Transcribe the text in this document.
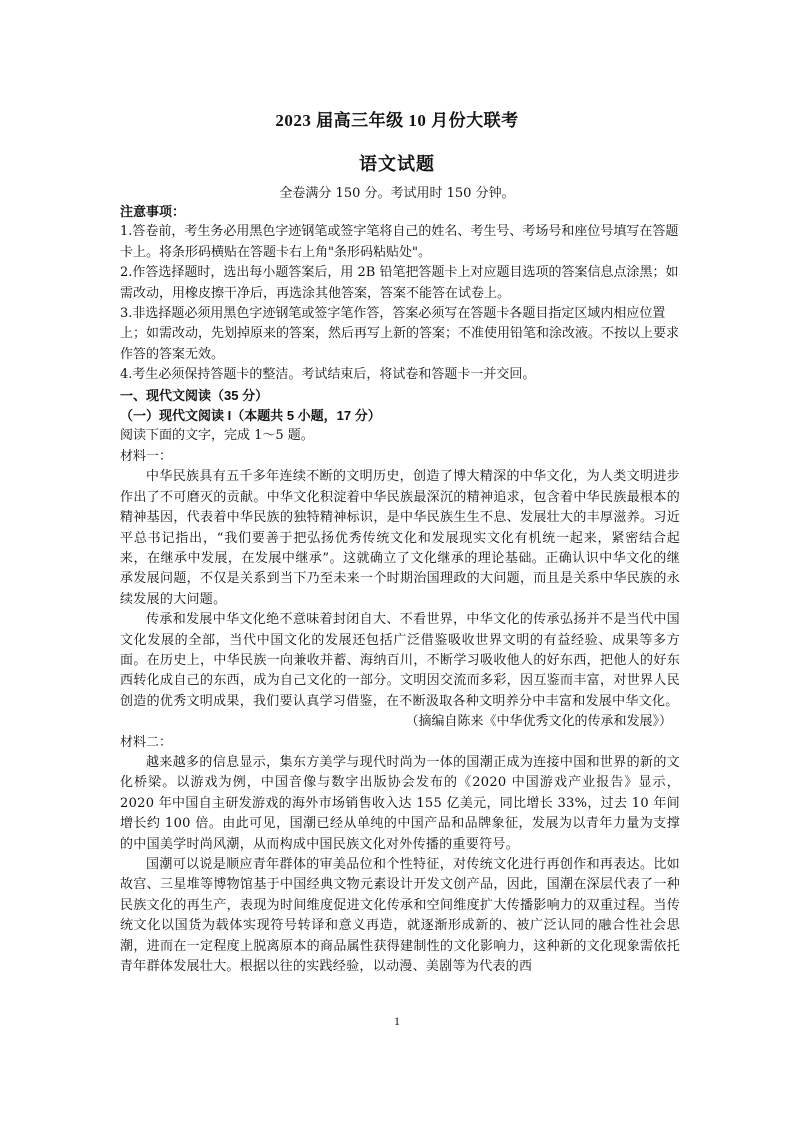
2023 届高三年级 10 月份大联考
语文试题
全卷满分 150 分。考试用时 150 分钟。
注意事项：

1.答卷前，考生务必用黑色字迹钢笔或签字笔将自己的姓名、考生号、考场号和座位号填写在答题卡上。将条形码横贴在答题卡右上角"条形码粘贴处"。

2.作答选择题时，选出每小题答案后，用 2B 铅笔把答题卡上对应题目选项的答案信息点涂黑；如需改动，用橡皮擦干净后，再选涂其他答案，答案不能答在试卷上。

3.非选择题必须用黑色字迹钢笔或签字笔作答，答案必须写在答题卡各题目指定区域内相应位置上；如需改动，先划掉原来的答案，然后再写上新的答案；不准使用铅笔和涂改液。不按以上要求作答的答案无效。

4.考生必须保持答题卡的整洁。考试结束后，将试卷和答题卡一并交回。

一、现代文阅读（35 分）
（一）现代文阅读 I（本题共 5 小题，17 分）
阅读下面的文字，完成 1～5 题。
材料一：

中华民族具有五千多年连续不断的文明历史，创造了博大精深的中华文化，为人类文明进步作出了不可磨灭的贡献。中华文化积淀着中华民族最深沉的精神追求，包含着中华民族最根本的精神基因，代表着中华民族的独特精神标识，是中华民族生生不息、发展壮大的丰厚滋养。习近平总书记指出，“我们要善于把弘扬优秀传统文化和发展现实文化有机统一起来，紧密结合起来，在继承中发展，在发展中继承”。这就确立了文化继承的理论基础。正确认识中华文化的继承发展问题，不仅是关系到当下乃至未来一个时期治国理政的大问题，而且是关系中华民族的永续发展的大问题。

传承和发展中华文化绝不意味着封闭自大、不看世界，中华文化的传承弘扬并不是当代中国文化发展的全部，当代中国文化的发展还包括广泛借鉴吸收世界文明的有益经验、成果等多方面。在历史上，中华民族一向兼收并蓄、海纳百川，不断学习吸收他人的好东西，把他人的好东西转化成自己的东西，成为自己文化的一部分。文明因交流而多彩，因互鉴而丰富，对世界人民创造的优秀文明成果，我们要认真学习借鉴，在不断汲取各种文明养分中丰富和发展中华文化。

（摘编自陈来《中华优秀文化的传承和发展》）
材料二：

越来越多的信息显示，集东方美学与现代时尚为一体的国潮正成为连接中国和世界的新的文化桥梁。以游戏为例，中国音像与数字出版协会发布的《2020 中国游戏产业报告》显示，2020 年中国自主研发游戏的海外市场销售收入达 155 亿美元，同比增长 33%，过去 10 年间增长约 100 倍。由此可见，国潮已经从单纯的中国产品和品牌象征，发展为以青年力量为支撑的中国美学时尚风潮，从而构成中国民族文化对外传播的重要符号。

国潮可以说是顺应青年群体的审美品位和个性特征，对传统文化进行再创作和再表达。比如故宫、三星堆等博物馆基于中国经典文物元素设计开发文创产品，因此，国潮在深层代表了一种民族文化的再生产，表现为时间维度促进文化传承和空间维度扩大传播影响力的双重过程。当传统文化以国货为载体实现符号转译和意义再造，就逐渐形成新的、被广泛认同的融合性社会思潮，进而在一定程度上脱离原本的商品属性获得建制性的文化影响力，这种新的文化现象需依托青年群体发展壮大。根据以往的实践经验，以动漫、美剧等为代表的西

1
